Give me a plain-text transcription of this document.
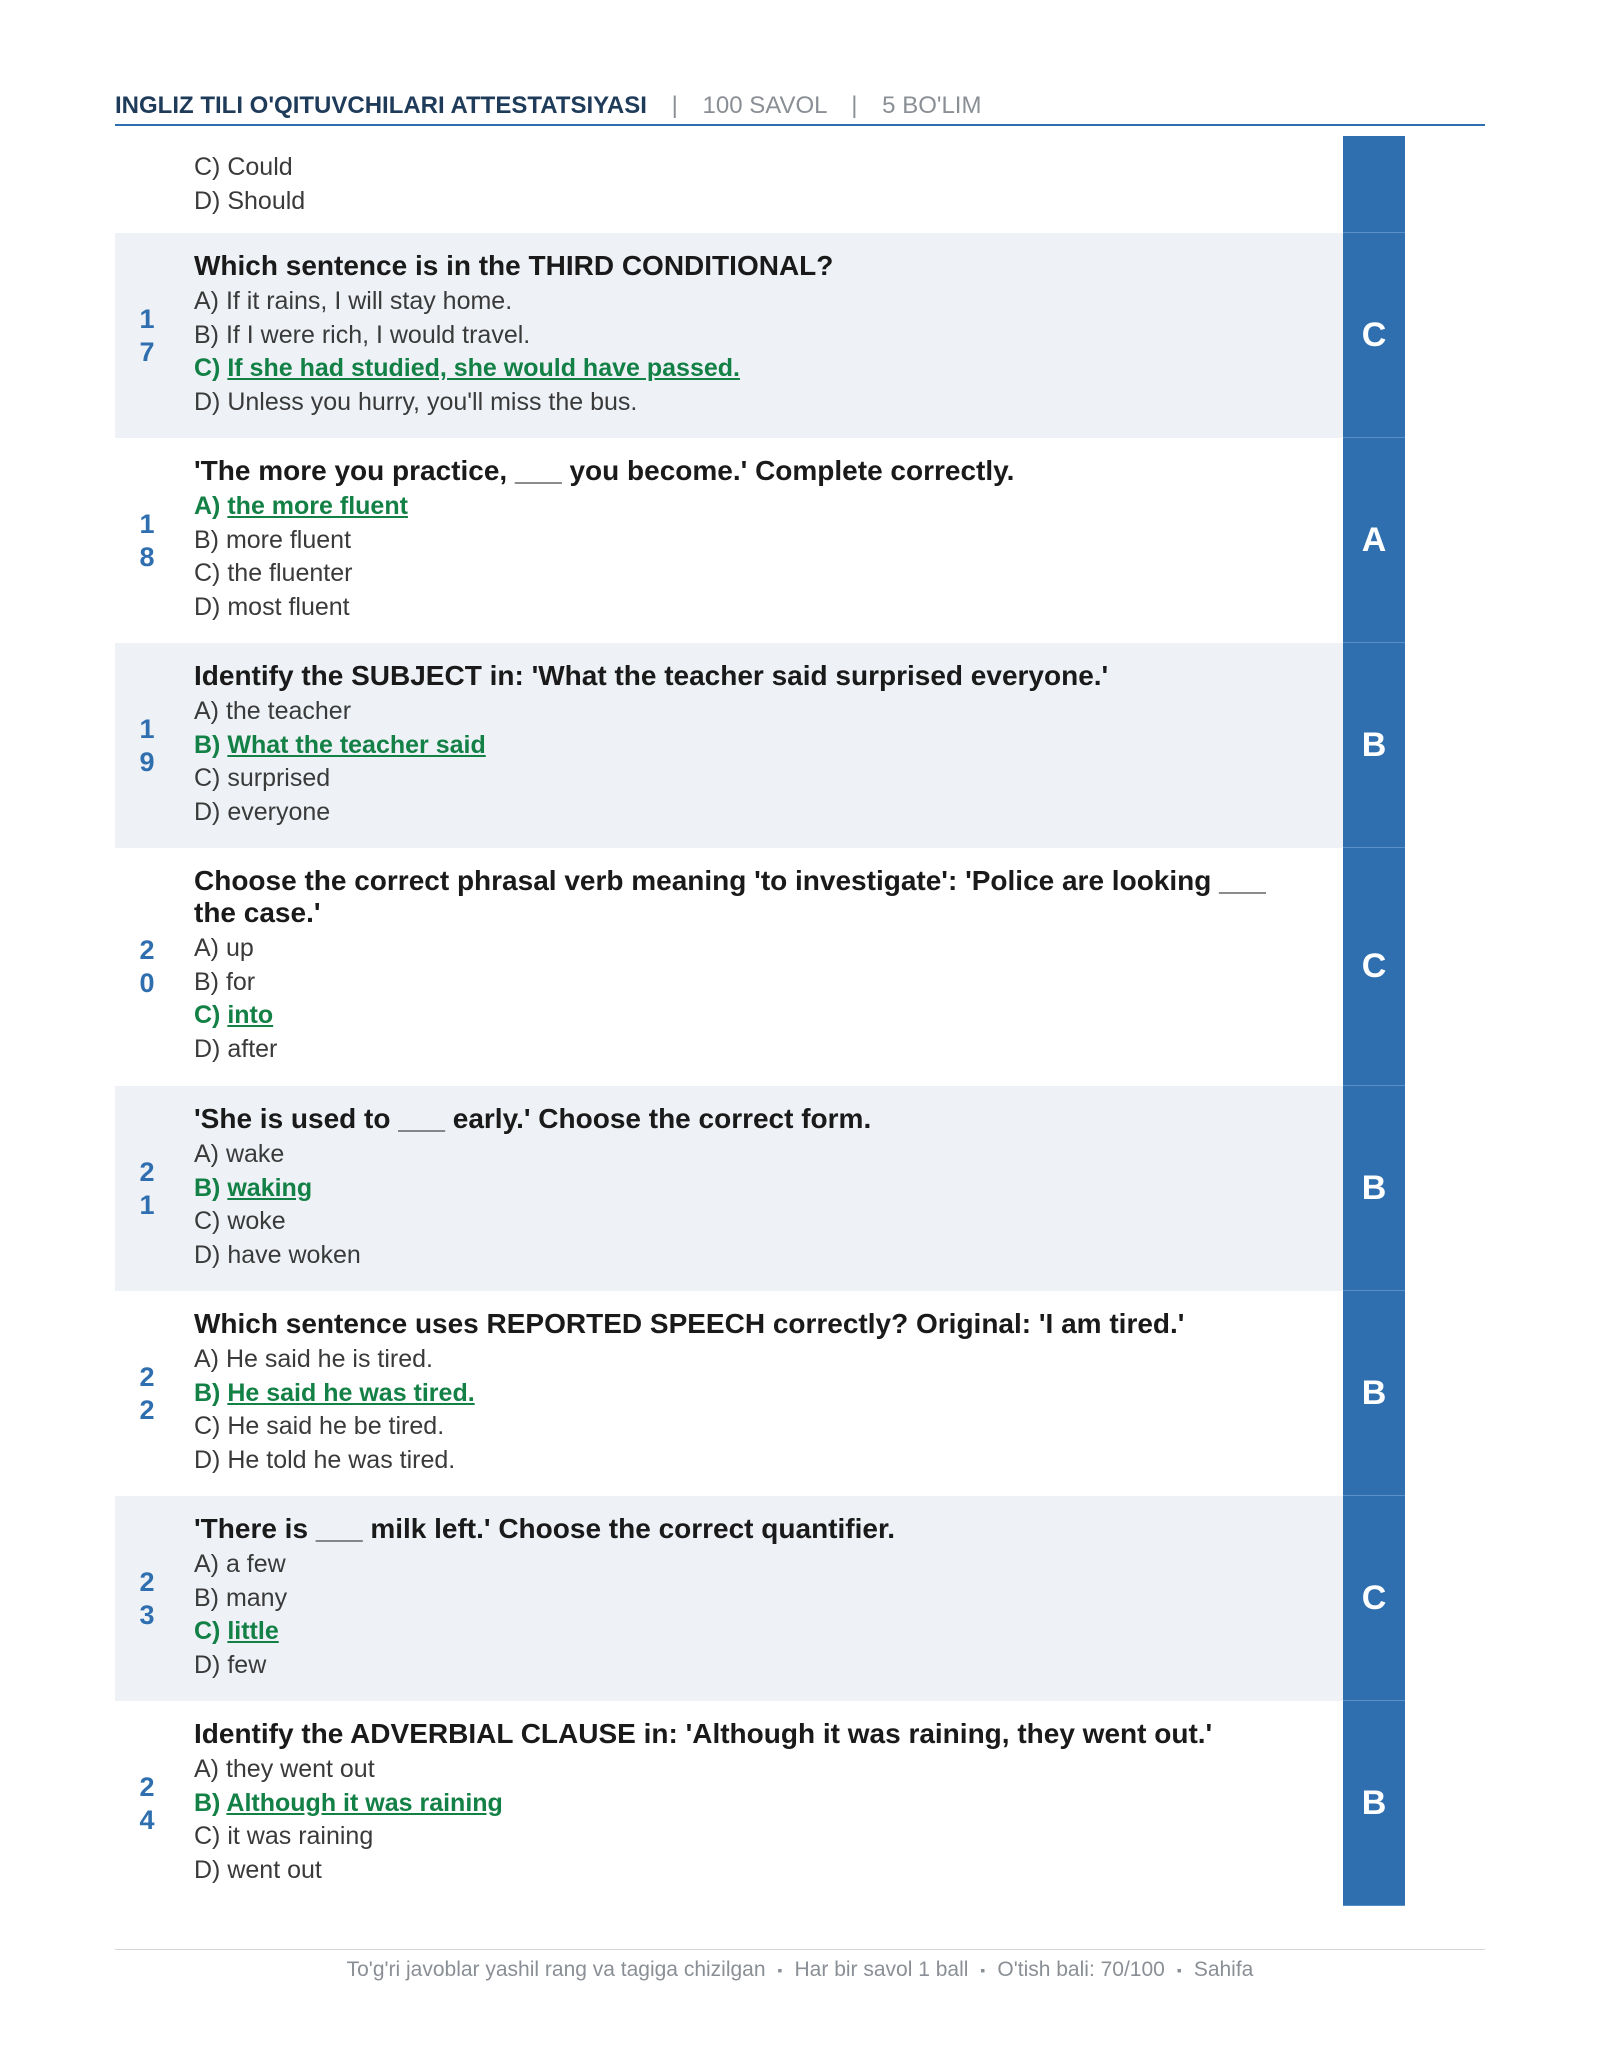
INGLIZ TILI O'QITUVCHILARI ATTESTATSIYASI | 100 SAVOL | 5 BO'LIM
C) Could
D) Should
1
7
Which sentence is in the THIRD CONDITIONAL?
A) If it rains, I will stay home.
B) If I were rich, I would travel.
C) If she had studied, she would have passed.
D) Unless you hurry, you'll miss the bus.
C
1
8
'The more you practice, ___ you become.' Complete correctly.
A) the more fluent
B) more fluent
C) the fluenter
D) most fluent
A
1
9
Identify the SUBJECT in: 'What the teacher said surprised everyone.'
A) the teacher
B) What the teacher said
C) surprised
D) everyone
B
2
0
Choose the correct phrasal verb meaning 'to investigate': 'Police are looking ___ the case.'
A) up
B) for
C) into
D) after
C
2
1
'She is used to ___ early.' Choose the correct form.
A) wake
B) waking
C) woke
D) have woken
B
2
2
Which sentence uses REPORTED SPEECH correctly? Original: 'I am tired.'
A) He said he is tired.
B) He said he was tired.
C) He said he be tired.
D) He told he was tired.
B
2
3
'There is ___ milk left.' Choose the correct quantifier.
A) a few
B) many
C) little
D) few
C
2
4
Identify the ADVERBIAL CLAUSE in: 'Although it was raining, they went out.'
A) they went out
B) Although it was raining
C) it was raining
D) went out
B
To'g'ri javoblar yashil rang va tagiga chizilgan ▪ Har bir savol 1 ball ▪ O'tish bali: 70/100 ▪ Sahifa
